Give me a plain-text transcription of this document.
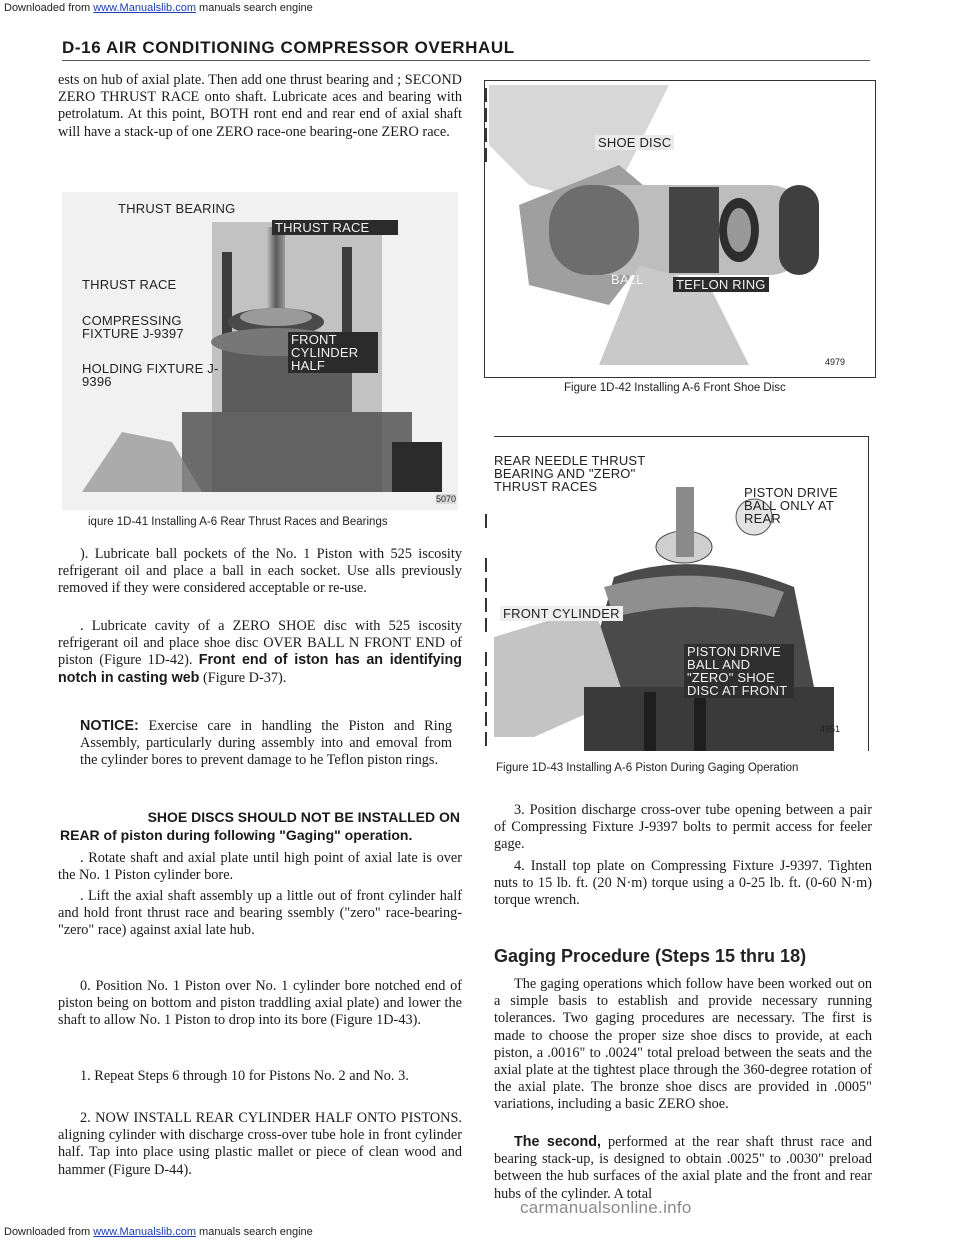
Downloaded from www.Manualslib.com manuals search engine
D-16 AIR CONDITIONING COMPRESSOR OVERHAUL

ests on hub of axial plate. Then add one thrust bearing and ; SECOND ZERO THRUST RACE onto shaft. Lubricate aces and bearing with petrolatum. At this point, BOTH ront end and rear end of axial shaft will have a stack-up of one ZERO race-one bearing-one ZERO race.

THRUST BEARING
THRUST RACE
THRUST RACE
COMPRESSING FIXTURE J-9397	FRONT CYLINDER HALF
HOLDING FIXTURE J-9396
5070
iqure 1D-41 Installing A-6 Rear Thrust Races and Bearings

). Lubricate ball pockets of the No. 1 Piston with 525 iscosity refrigerant oil and place a ball in each socket. Use alls previously removed if they were considered acceptable or re-use.

. Lubricate cavity of a ZERO SHOE disc with 525 iscosity refrigerant oil and place shoe disc OVER BALL N FRONT END of piston (Figure 1D-42). Front end of iston has an identifying notch in casting web (Figure D-37).

NOTICE: Exercise care in handling the Piston and Ring Assembly, particularly during assembly into and emoval from the cylinder bores to prevent damage to he Teflon piston rings.

SHOE DISCS SHOULD NOT BE INSTALLED ON
REAR of piston during following "Gaging" operation.

. Rotate shaft and axial plate until high point of axial late is over the No. 1 Piston cylinder bore.

. Lift the axial shaft assembly up a little out of front cylinder half and hold front thrust race and bearing ssembly ("zero" race-bearing-"zero" race) against axial late hub.

0. Position No. 1 Piston over No. 1 cylinder bore notched end of piston being on bottom and piston traddling axial plate) and lower the shaft to allow No. 1 Piston to drop into its bore (Figure 1D-43).

1. Repeat Steps 6 through 10 for Pistons No. 2 and No. 3.

2. NOW INSTALL REAR CYLINDER HALF ONTO PISTONS. aligning cylinder with discharge cross-over tube hole in front cylinder half. Tap into place using plastic mallet or piece of clean wood and hammer (Figure D-44).

SHOE DISC
BALL TEFLON RING
4979
Figure 1D-42 Installing A-6 Front Shoe Disc
REAR NEEDLE THRUST BEARING AND "ZERO" THRUST RACES	PISTON DRIVE BALL ONLY AT REAR
FRONT CYLINDER
PISTON DRIVE BALL AND "ZERO" SHOE DISC AT FRONT
4951
Figure 1D-43 Installing A-6 Piston During Gaging Operation

3. Position discharge cross-over tube opening between a pair of Compressing Fixture J-9397 bolts to permit access for feeler gage.

4. Install top plate on Compressing Fixture J-9397. Tighten nuts to 15 lb. ft. (20 N·m) torque using a 0-25 lb. ft. (0-60 N·m) torque wrench.

Gaging Procedure (Steps 15 thru 18)

The gaging operations which follow have been worked out on a simple basis to establish and provide necessary running tolerances. Two gaging procedures are necessary. The first is made to choose the proper size shoe discs to provide, at each piston, a .0016" to .0024" total preload between the seats and the axial plate at the tightest place through the 360-degree rotation of the axial plate. The bronze shoe discs are provided in .0005" variations, including a basic ZERO shoe.

The second, performed at the rear shaft thrust race and bearing stack-up, is designed to obtain .0025" to .0030" preload between the hub surfaces of the axial plate and the front and rear hubs of the cylinder. A total

carmanualsonline.info
Downloaded from www.Manualslib.com manuals search engine
